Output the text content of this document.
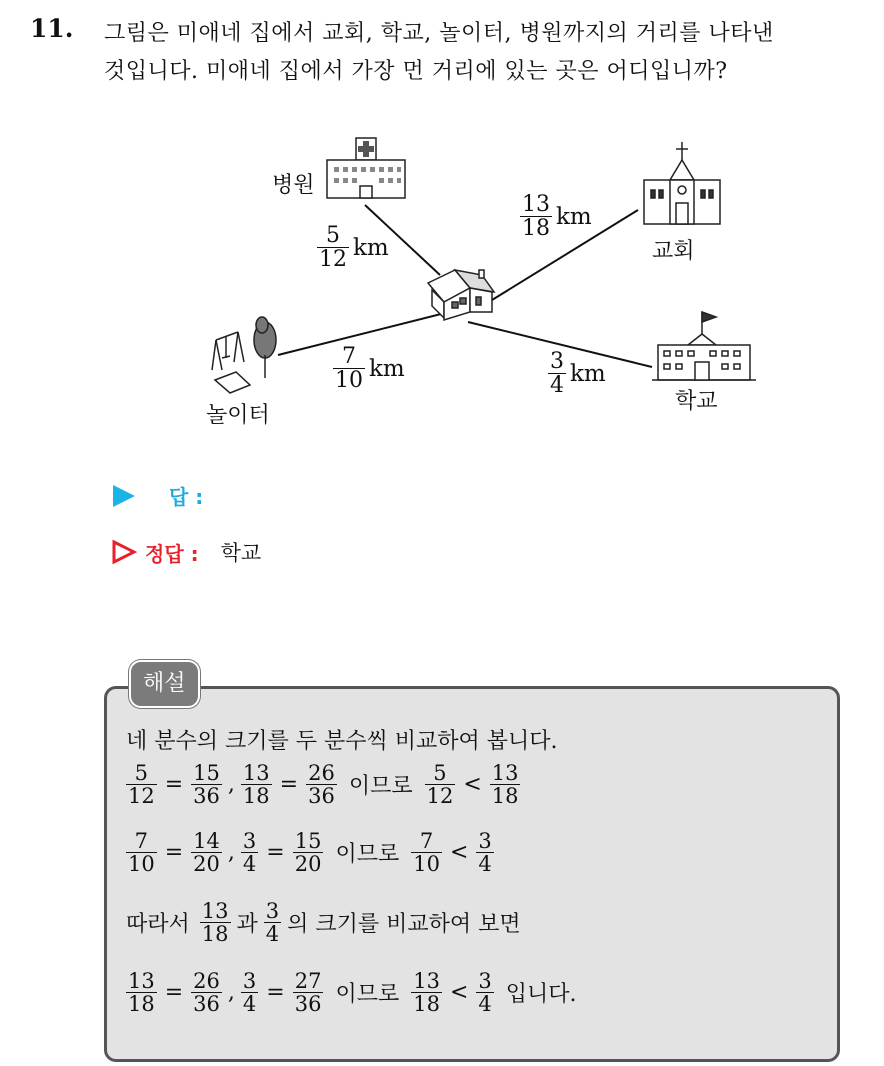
11. 그림은 미애네 집에서 교회, 학교, 놀이터, 병원까지의 거리를 나타낸
것입니다. 미애네 집에서 가장 먼 거리에 있는 곳은 어디입니까?
병원
교회
놀이터
학교
$\frac{5}{12}$ km
$\frac{13}{18}$ km
$\frac{7}{10}$ km	$\frac{3}{4}$ km
답 :
정답 : 학교
해설
네 분수의 크기를 두 분수씩 비교하여 봅니다.
$\frac{5}{12} = \frac{15}{36}$ , $\frac{13}{18} = \frac{26}{36}$ 이므로 $\frac{5}{12} < \frac{13}{18}$
$\frac{7}{10} = \frac{14}{20}$ , $\frac{3}{4} = \frac{15}{20}$ 이므로 $\frac{7}{10} < \frac{3}{4}$
따라서 $\frac{13}{18}$ 과 $\frac{3}{4}$ 의 크기를 비교하여 보면
$\frac{13}{18} = \frac{26}{36}$ , $\frac{3}{4} = \frac{27}{36}$ 이므로 $\frac{13}{18} < \frac{3}{4}$ 입니다.
